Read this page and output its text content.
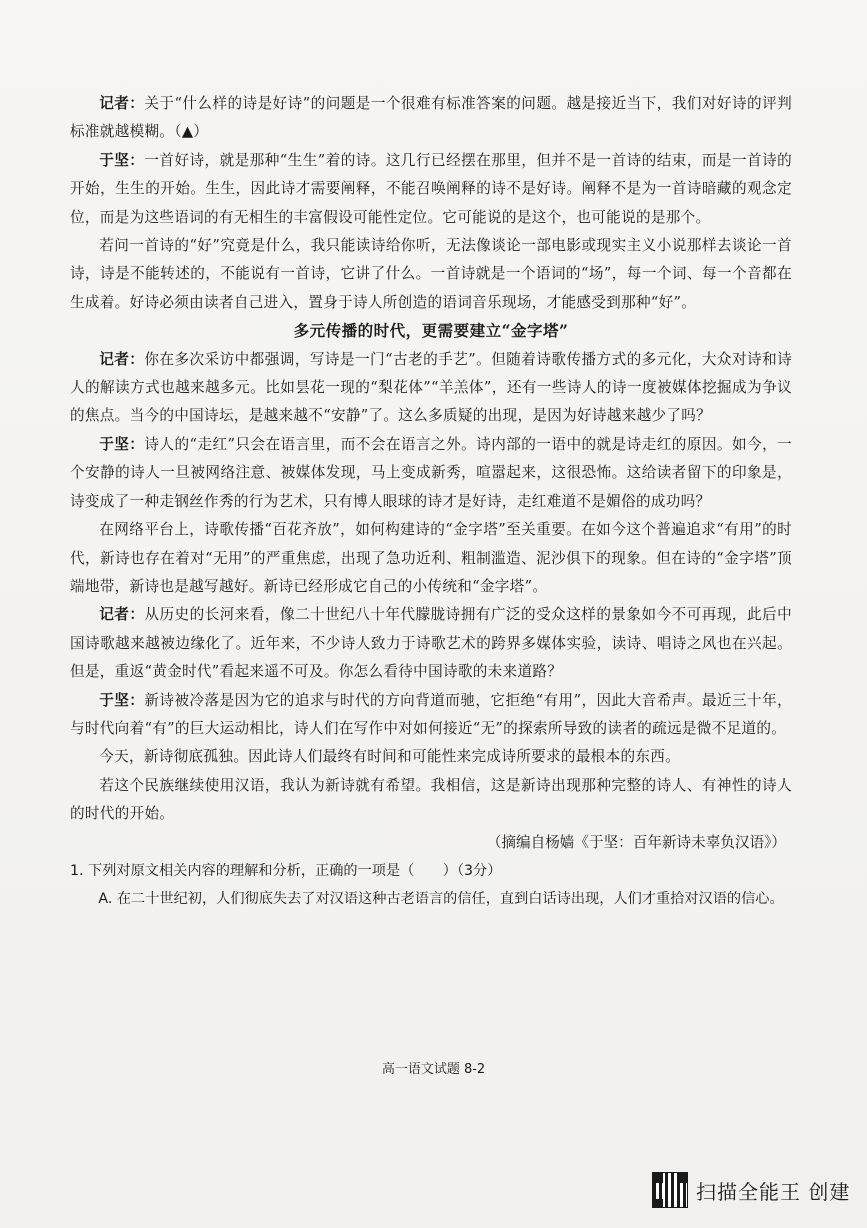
记者：关于“什么样的诗是好诗”的问题是一个很难有标准答案的问题。越是接近当下，我们对好诗的评判标准就越模糊。（▲）

于坚：一首好诗，就是那种“生生”着的诗。这几行已经摆在那里，但并不是一首诗的结束，而是一首诗的开始，生生的开始。生生，因此诗才需要阐释，不能召唤阐释的诗不是好诗。阐释不是为一首诗暗藏的观念定位，而是为这些语词的有无相生的丰富假设可能性定位。它可能说的是这个，也可能说的是那个。

若问一首诗的“好”究竟是什么，我只能读诗给你听，无法像谈论一部电影或现实主义小说那样去谈论一首诗，诗是不能转述的，不能说有一首诗，它讲了什么。一首诗就是一个语词的“场”，每一个词、每一个音都在生成着。好诗必须由读者自己进入，置身于诗人所创造的语词音乐现场，才能感受到那种“好”。

多元传播的时代，更需要建立“金字塔”

记者：你在多次采访中都强调，写诗是一门“古老的手艺”。但随着诗歌传播方式的多元化，大众对诗和诗人的解读方式也越来越多元。比如昙花一现的“梨花体”“羊羔体”，还有一些诗人的诗一度被媒体挖掘成为争议的焦点。当今的中国诗坛，是越来越不“安静”了。这么多质疑的出现，是因为好诗越来越少了吗？

于坚：诗人的“走红”只会在语言里，而不会在语言之外。诗内部的一语中的就是诗走红的原因。如今，一个安静的诗人一旦被网络注意、被媒体发现，马上变成新秀，喧嚣起来，这很恐怖。这给读者留下的印象是，诗变成了一种走钢丝作秀的行为艺术，只有博人眼球的诗才是好诗，走红难道不是媚俗的成功吗？

在网络平台上，诗歌传播“百花齐放”，如何构建诗的“金字塔”至关重要。在如今这个普遍追求“有用”的时代，新诗也存在着对“无用”的严重焦虑，出现了急功近利、粗制滥造、泥沙俱下的现象。但在诗的“金字塔”顶端地带，新诗也是越写越好。新诗已经形成它自己的小传统和“金字塔”。

记者：从历史的长河来看，像二十世纪八十年代朦胧诗拥有广泛的受众这样的景象如今不可再现，此后中国诗歌越来越被边缘化了。近年来，不少诗人致力于诗歌艺术的跨界多媒体实验，读诗、唱诗之风也在兴起。但是，重返“黄金时代”看起来遥不可及。你怎么看待中国诗歌的未来道路？

于坚：新诗被冷落是因为它的追求与时代的方向背道而驰，它拒绝“有用”，因此大音希声。最近三十年，与时代向着“有”的巨大运动相比，诗人们在写作中对如何接近“无”的探索所导致的读者的疏远是微不足道的。

今天，新诗彻底孤独。因此诗人们最终有时间和可能性来完成诗所要求的最根本的东西。

若这个民族继续使用汉语，我认为新诗就有希望。我相信，这是新诗出现那种完整的诗人、有神性的诗人的时代的开始。

（摘编自杨嫱《于坚：百年新诗未辜负汉语》）

1. 下列对原文相关内容的理解和分析，正确的一项是（　　）（3分）

A. 在二十世纪初，人们彻底失去了对汉语这种古老语言的信任，直到白话诗出现，人们才重拾对汉语的信心。

高一语文试题 8-2
扫描全能王 创建
